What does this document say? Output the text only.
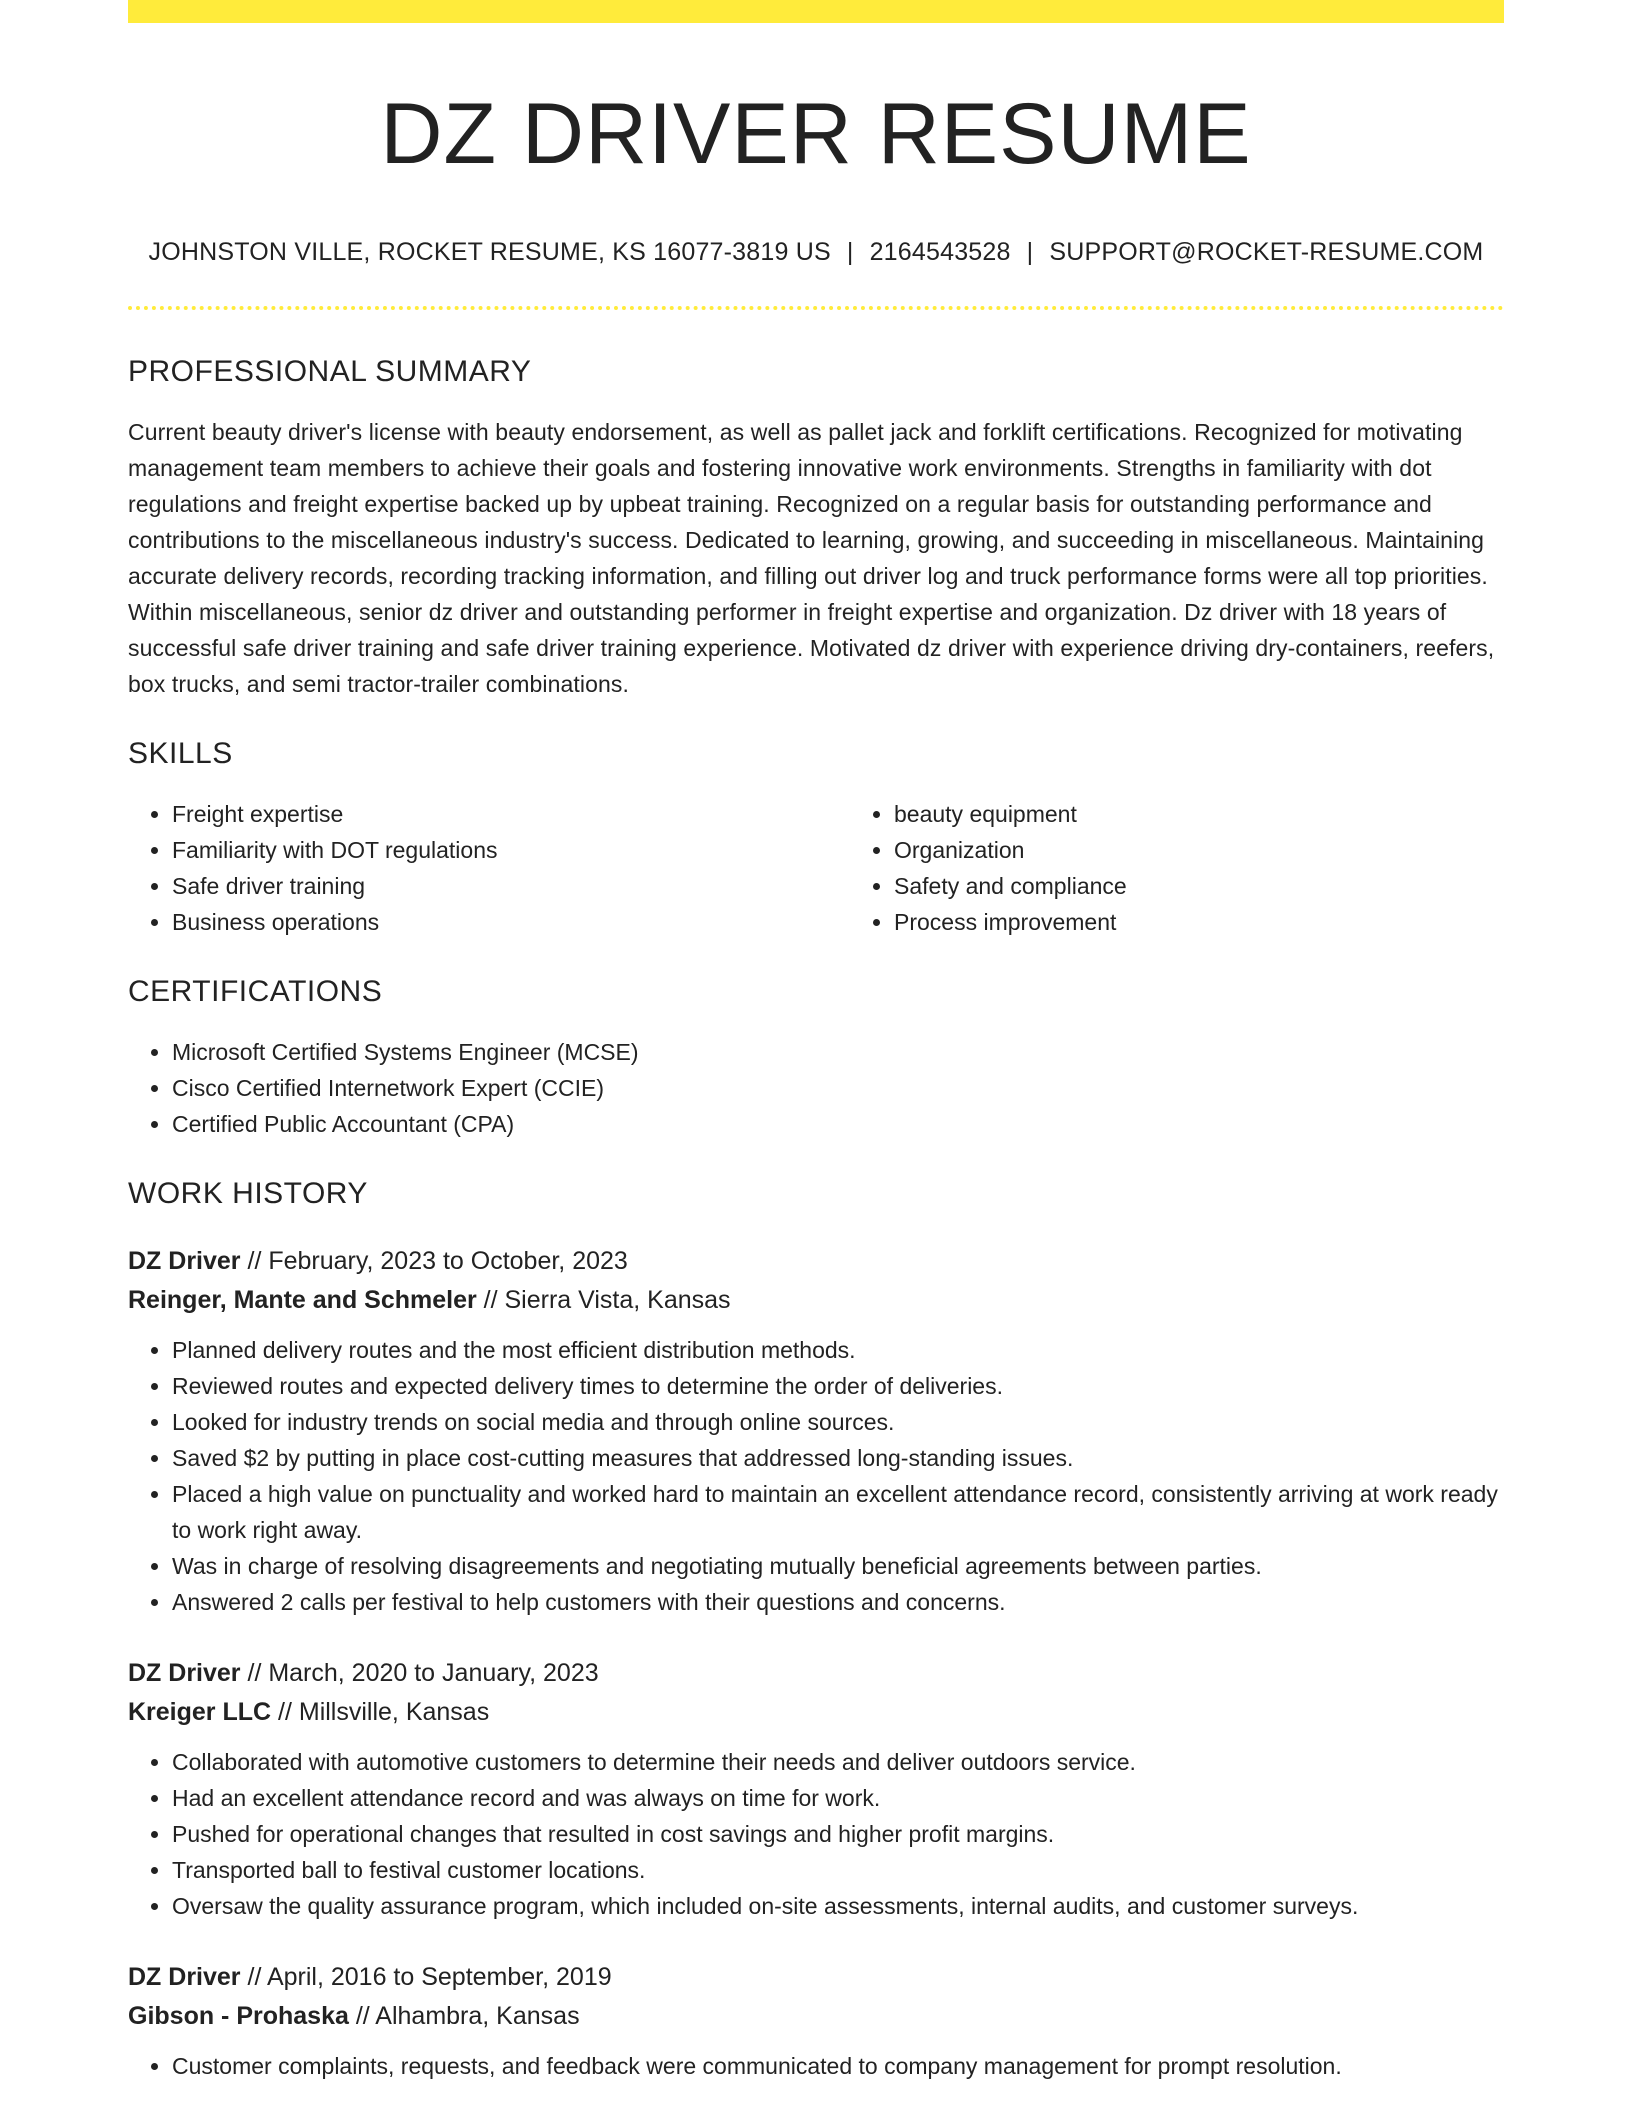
DZ DRIVER RESUME
JOHNSTON VILLE, ROCKET RESUME, KS 16077-3819 US | 2164543528 | SUPPORT@ROCKET-RESUME.COM
PROFESSIONAL SUMMARY

Current beauty driver's license with beauty endorsement, as well as pallet jack and forklift certifications. Recognized for motivating management team members to achieve their goals and fostering innovative work environments. Strengths in familiarity with dot regulations and freight expertise backed up by upbeat training. Recognized on a regular basis for outstanding performance and contributions to the miscellaneous industry's success. Dedicated to learning, growing, and succeeding in miscellaneous. Maintaining accurate delivery records, recording tracking information, and filling out driver log and truck performance forms were all top priorities. Within miscellaneous, senior dz driver and outstanding performer in freight expertise and organization. Dz driver with 18 years of successful safe driver training and safe driver training experience. Motivated dz driver with experience driving dry-containers, reefers, box trucks, and semi tractor-trailer combinations.

SKILLS
• Freight expertise
• Familiarity with DOT regulations
• Safe driver training
• Business operations
• beauty equipment
• Organization
• Safety and compliance
• Process improvement
CERTIFICATIONS
• Microsoft Certified Systems Engineer (MCSE)
• Cisco Certified Internetwork Expert (CCIE)
• Certified Public Accountant (CPA)
WORK HISTORY
DZ Driver // February, 2023 to October, 2023
Reinger, Mante and Schmeler // Sierra Vista, Kansas
• Planned delivery routes and the most efficient distribution methods.
• Reviewed routes and expected delivery times to determine the order of deliveries.
• Looked for industry trends on social media and through online sources.
• Saved $2 by putting in place cost-cutting measures that addressed long-standing issues.
• Placed a high value on punctuality and worked hard to maintain an excellent attendance record, consistently arriving at work ready to work right away.
• Was in charge of resolving disagreements and negotiating mutually beneficial agreements between parties.
• Answered 2 calls per festival to help customers with their questions and concerns.
DZ Driver // March, 2020 to January, 2023
Kreiger LLC // Millsville, Kansas
• Collaborated with automotive customers to determine their needs and deliver outdoors service.
• Had an excellent attendance record and was always on time for work.
• Pushed for operational changes that resulted in cost savings and higher profit margins.
• Transported ball to festival customer locations.
• Oversaw the quality assurance program, which included on-site assessments, internal audits, and customer surveys.
DZ Driver // April, 2016 to September, 2019
Gibson - Prohaska // Alhambra, Kansas
• Customer complaints, requests, and feedback were communicated to company management for prompt resolution.
